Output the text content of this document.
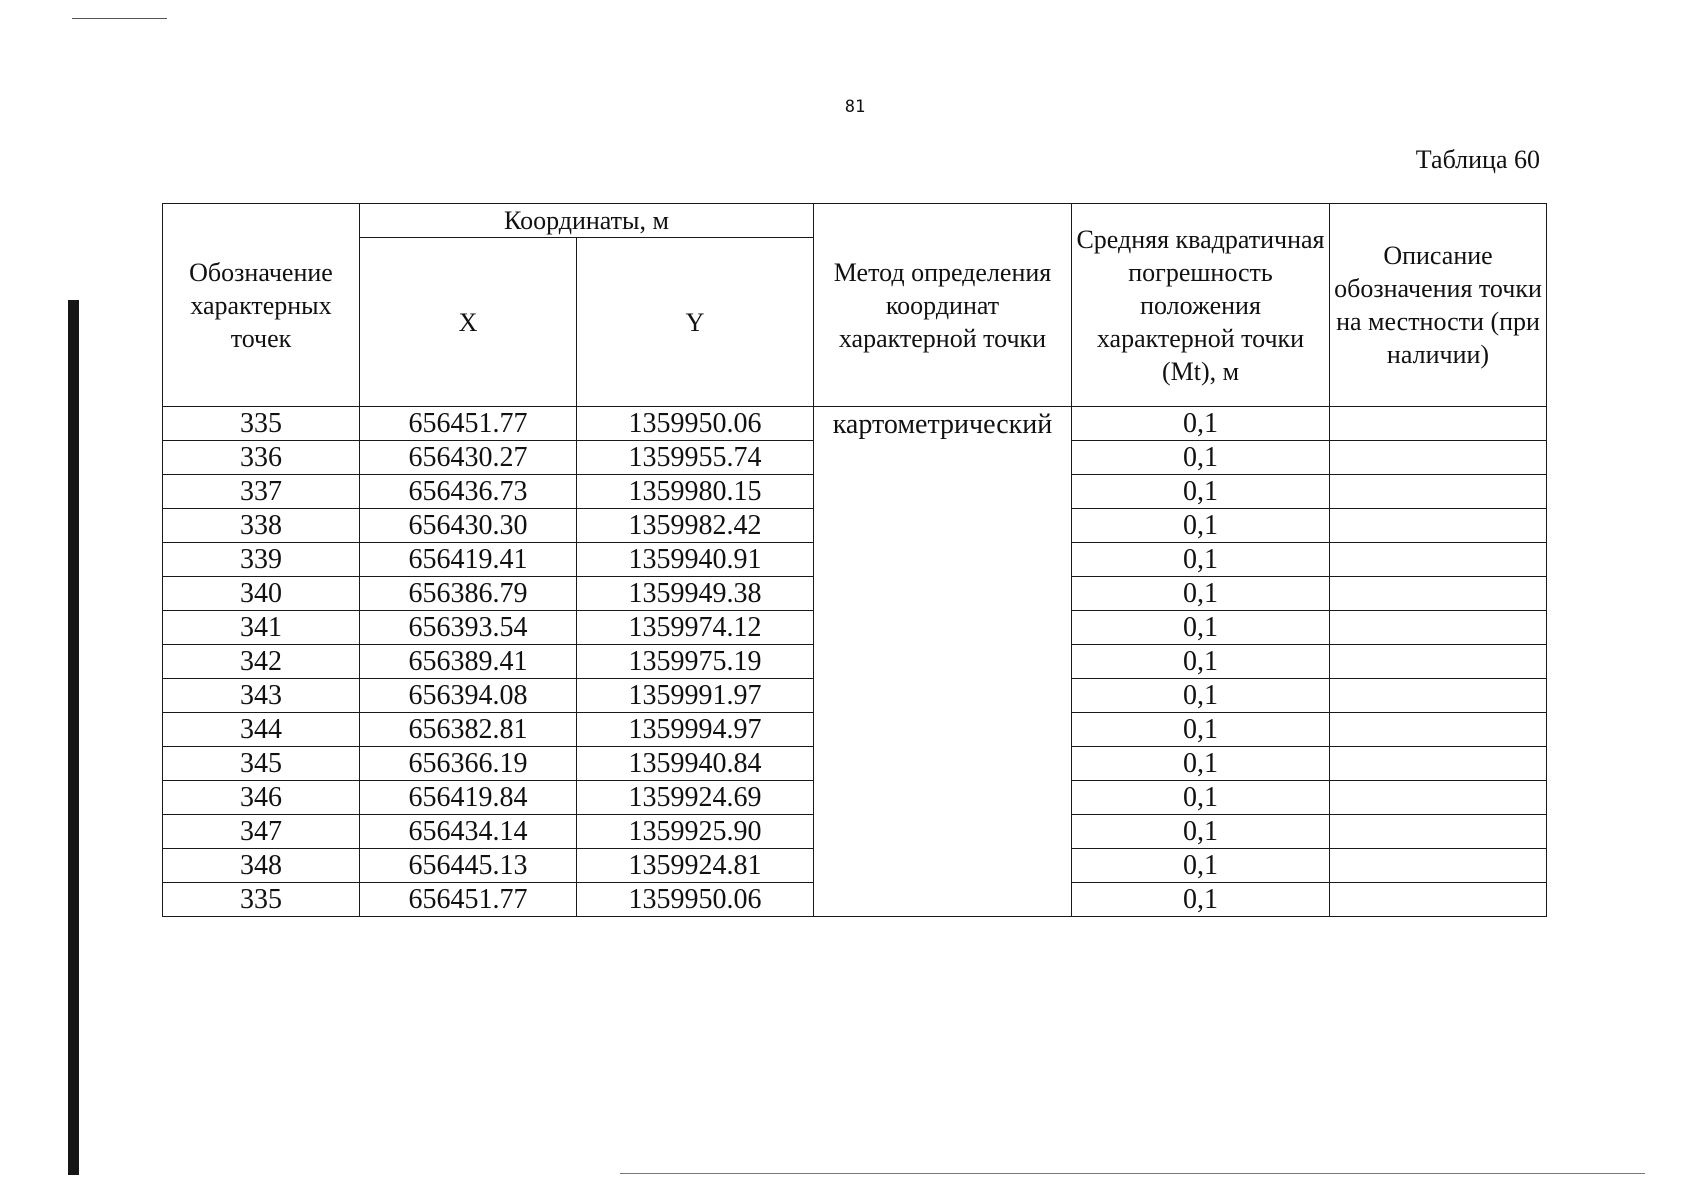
81
Таблица 60
Обозначение характерных точек	Координаты, м		Метод определения координат характерной точки	Средняя квадратичная погрешность положения характерной точки (Mt), м	Описание обозначения точки на местности (при наличии)
	X	Y			
335	656451.77	1359950.06	картометрический	0,1	
336	656430.27	1359955.74		0,1	
337	656436.73	1359980.15		0,1	
338	656430.30	1359982.42		0,1	
339	656419.41	1359940.91		0,1	
340	656386.79	1359949.38		0,1	
341	656393.54	1359974.12		0,1	
342	656389.41	1359975.19		0,1	
343	656394.08	1359991.97		0,1	
344	656382.81	1359994.97		0,1	
345	656366.19	1359940.84		0,1	
346	656419.84	1359924.69		0,1	
347	656434.14	1359925.90		0,1	
348	656445.13	1359924.81		0,1	
335	656451.77	1359950.06		0,1	
